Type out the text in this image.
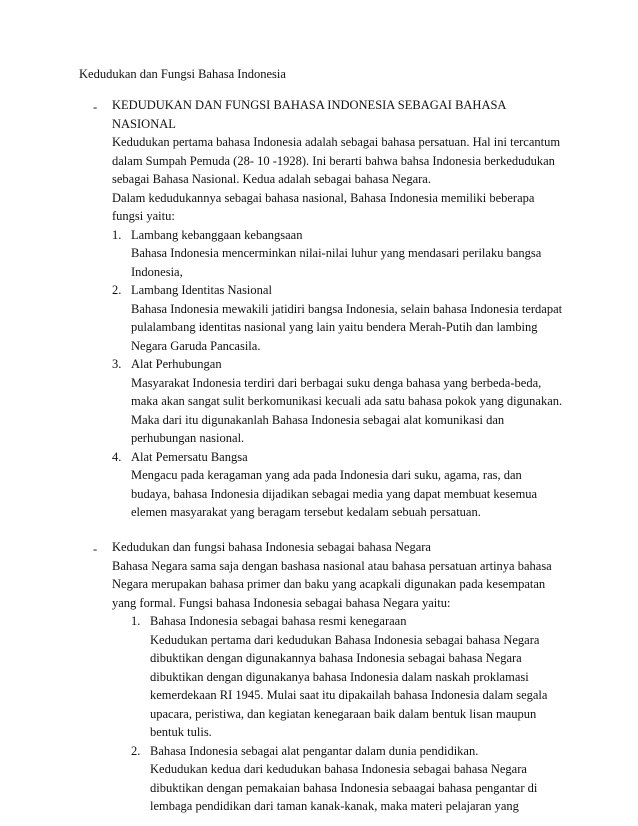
Kedudukan dan Fungsi Bahasa Indonesia
- KEDUDUKAN DAN FUNGSI BAHASA INDONESIA SEBAGAI BAHASA
NASIONAL
Kedudukan pertama bahasa Indonesia adalah sebagai bahasa persatuan. Hal ini tercantum
dalam Sumpah Pemuda (28- 10 -1928). Ini berarti bahwa bahsa Indonesia berkedudukan
sebagai Bahasa Nasional. Kedua adalah sebagai bahasa Negara.
Dalam kedudukannya sebagai bahasa nasional, Bahasa Indonesia memiliki beberapa
fungsi yaitu:
1. Lambang kebanggaan kebangsaan
Bahasa Indonesia mencerminkan nilai-nilai luhur yang mendasari perilaku bangsa
Indonesia,
2. Lambang Identitas Nasional
Bahasa Indonesia mewakili jatidiri bangsa Indonesia, selain bahasa Indonesia terdapat
pulalambang identitas nasional yang lain yaitu bendera Merah-Putih dan lambing
Negara Garuda Pancasila.
3. Alat Perhubungan
Masyarakat Indonesia terdiri dari berbagai suku denga bahasa yang berbeda-beda,
maka akan sangat sulit berkomunikasi kecuali ada satu bahasa pokok yang digunakan.
Maka dari itu digunakanlah Bahasa Indonesia sebagai alat komunikasi dan
perhubungan nasional.
4. Alat Pemersatu Bangsa
Mengacu pada keragaman yang ada pada Indonesia dari suku, agama, ras, dan
budaya, bahasa Indonesia dijadikan sebagai media yang dapat membuat kesemua
elemen masyarakat yang beragam tersebut kedalam sebuah persatuan.
- Kedudukan dan fungsi bahasa Indonesia sebagai bahasa Negara
Bahasa Negara sama saja dengan bashasa nasional atau bahasa persatuan artinya bahasa
Negara merupakan bahasa primer dan baku yang acapkali digunakan pada kesempatan
yang formal. Fungsi bahasa Indonesia sebagai bahasa Negara yaitu:
1. Bahasa Indonesia sebagai bahasa resmi kenegaraan
Kedudukan pertama dari kedudukan Bahasa Indonesia sebagai bahasa Negara
dibuktikan dengan digunakannya bahasa Indonesia sebagai bahasa Negara
dibuktikan dengan digunakanya bahasa Indonesia dalam naskah proklamasi
kemerdekaan RI 1945. Mulai saat itu dipakailah bahasa Indonesia dalam segala
upacara, peristiwa, dan kegiatan kenegaraan baik dalam bentuk lisan maupun
bentuk tulis.
2. Bahasa Indonesia sebagai alat pengantar dalam dunia pendidikan.
Kedudukan kedua dari kedudukan bahasa Indonesia sebagai bahasa Negara
dibuktikan dengan pemakaian bahasa Indonesia sebaagai bahasa pengantar di
lembaga pendidikan dari taman kanak-kanak, maka materi pelajaran yang
